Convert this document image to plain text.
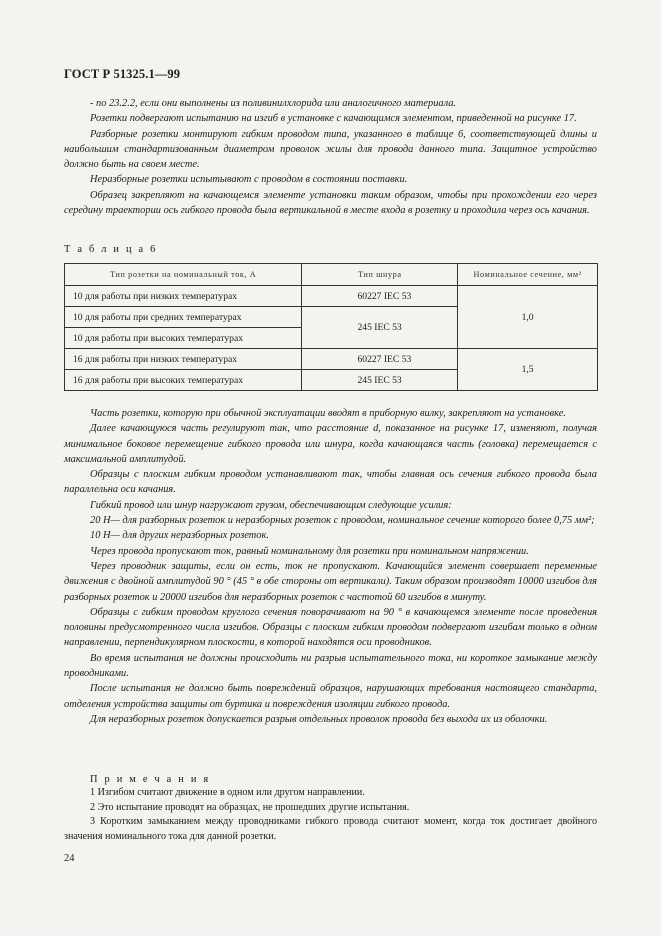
ГОСТ Р 51325.1—99

- по 23.2.2, если они выполнены из поливинилхлорида или аналогичного материала.

Розетки подвергают испытанию на изгиб в установке с качающимся элементом, приведенной на рисунке 17.

Разборные розетки монтируют гибким проводом типа, указанного в таблице 6, соответствующей длины и наибольшим стандартизованным диаметром проволок жилы для провода данного типа. Защитное устройство должно быть на своем месте.

Неразборные розетки испытывают с проводом в состоянии поставки.

Образец закрепляют на качающемся элементе установки таким образом, чтобы при прохождении его через середину траектории ось гибкого провода была вертикальной в месте входа в розетку и проходила через ось качания.

Т а б л и ц а 6
Тип розетки на номинальный ток, А	Тип шнура	Номинальное сечение, мм²
10 для работы при низких температурах	60227 IEC 53	1,0
10 для работы при средних температурах	245 IEC 53	
10 для работы при высоких температурах		
16 для работы при низких температурах	60227 IEC 53	1,5
16 для работы при высоких температурах	245 IEC 53	

Часть розетки, которую при обычной эксплуатации вводят в приборную вилку, закрепляют на установке.

Далее качающуюся часть регулируют так, что расстояние d, показанное на рисунке 17, изменяют, получая минимальное боковое перемещение гибкого провода или шнура, когда качающаяся часть (головка) перемещается с максимальной амплитудой.

Образцы с плоским гибким проводом устанавливают так, чтобы главная ось сечения гибкого провода была параллельна оси качания.

Гибкий провод или шнур нагружают грузом, обеспечивающим следующие усилия:

20 Н— для разборных розеток и неразборных розеток с проводом, номинальное сечение которого более 0,75 мм²;

10 Н— для других неразборных розеток.

Через провода пропускают ток, равный номинальному для розетки при номинальном напряжении.

Через проводник защиты, если он есть, ток не пропускают. Качающийся элемент совершает переменные движения с двойной амплитудой 90 ° (45 ° в обе стороны от вертикали). Таким образом производят 10000 изгибов для разборных розеток и 20000 изгибов для неразборных розеток с частотой 60 изгибов в минуту.

Образцы с гибким проводом круглого сечения поворачивают на 90 ° в качающемся элементе после проведения половины предусмотренного числа изгибов. Образцы с плоским гибким проводом подвергают изгибам только в одном направлении, перпендикулярном плоскости, в которой находятся оси проводников.

Во время испытания не должны происходить ни разрыв испытательного тока, ни короткое замыкание между проводниками.

После испытания не должно быть повреждений образцов, нарушающих требования настоящего стандарта, отделения устройства защиты от буртика и повреждения изоляции гибкого провода.

Для неразборных розеток допускается разрыв отдельных проволок провода без выхода их из оболочки.

П р и м е ч а н и я

1 Изгибом считают движение в одном или другом направлении.

2 Это испытание проводят на образцах, не прошедших другие испытания.

3 Коротким замыканием между проводниками гибкого провода считают момент, когда ток достигает двойного значения номинального тока для данной розетки.

24
